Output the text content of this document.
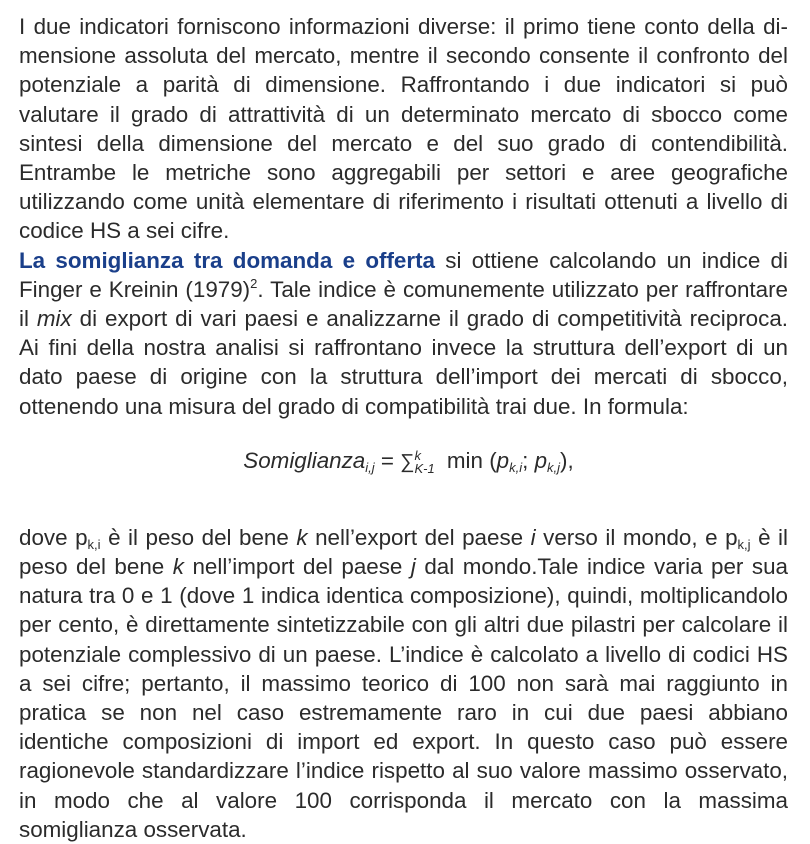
I due indicatori forniscono informazioni diverse: il primo tiene conto della dimensione assoluta del mercato, mentre il secondo consente il confronto del potenziale a parità di dimensione. Raffrontando i due indicatori si può valutare il grado di attrattività di un determinato mercato di sbocco come sintesi della dimensione del mercato e del suo grado di contendibilità. Entrambe le metriche sono aggregabili per settori e aree geografiche utilizzando come unità elementare di riferimento i risultati ottenuti a livello di codice HS a sei cifre.

La somiglianza tra domanda e offerta si ottiene calcolando un indice di Finger e Kreinin $(1979)^2$. Tale indice è comunemente utilizzato per raffrontare il mix di export di vari paesi e analizzarne il grado di competitività reciproca. Ai fini della nostra analisi si raffrontano invece la struttura dell’export di un dato paese di origine con la struttura dell’import dei mercati di sbocco, ottenendo una misura del grado di compatibilità trai due. In formula:

Somiglianza$_{i,j}$ = ∑ k
K-1 $\min (p_{k,i}$; $p_{k,j}$),

dove $p_{k,i}$ è il peso del bene k nell’export del paese i verso il mondo, e $p_{k,j}$ è il peso del bene k nell’import del paese j dal mondo.Tale indice varia per sua natura tra 0 e 1 (dove 1 indica identica composizione), quindi, moltiplicandolo per cento, è direttamente sintetizzabile con gli altri due pilastri per calcolare il potenziale complessivo di un paese. L’indice è calcolato a livello di codici HS a sei cifre; pertanto, il massimo teorico di 100 non sarà mai raggiunto in pratica se non nel caso estremamente raro in cui due paesi abbiano identiche composizioni di import ed export. In questo caso può essere ragionevole standardizzare l’indice rispetto al suo valore massimo osservato, in modo che al valore 100 corrisponda il mercato con la massima somiglianza osservata.
